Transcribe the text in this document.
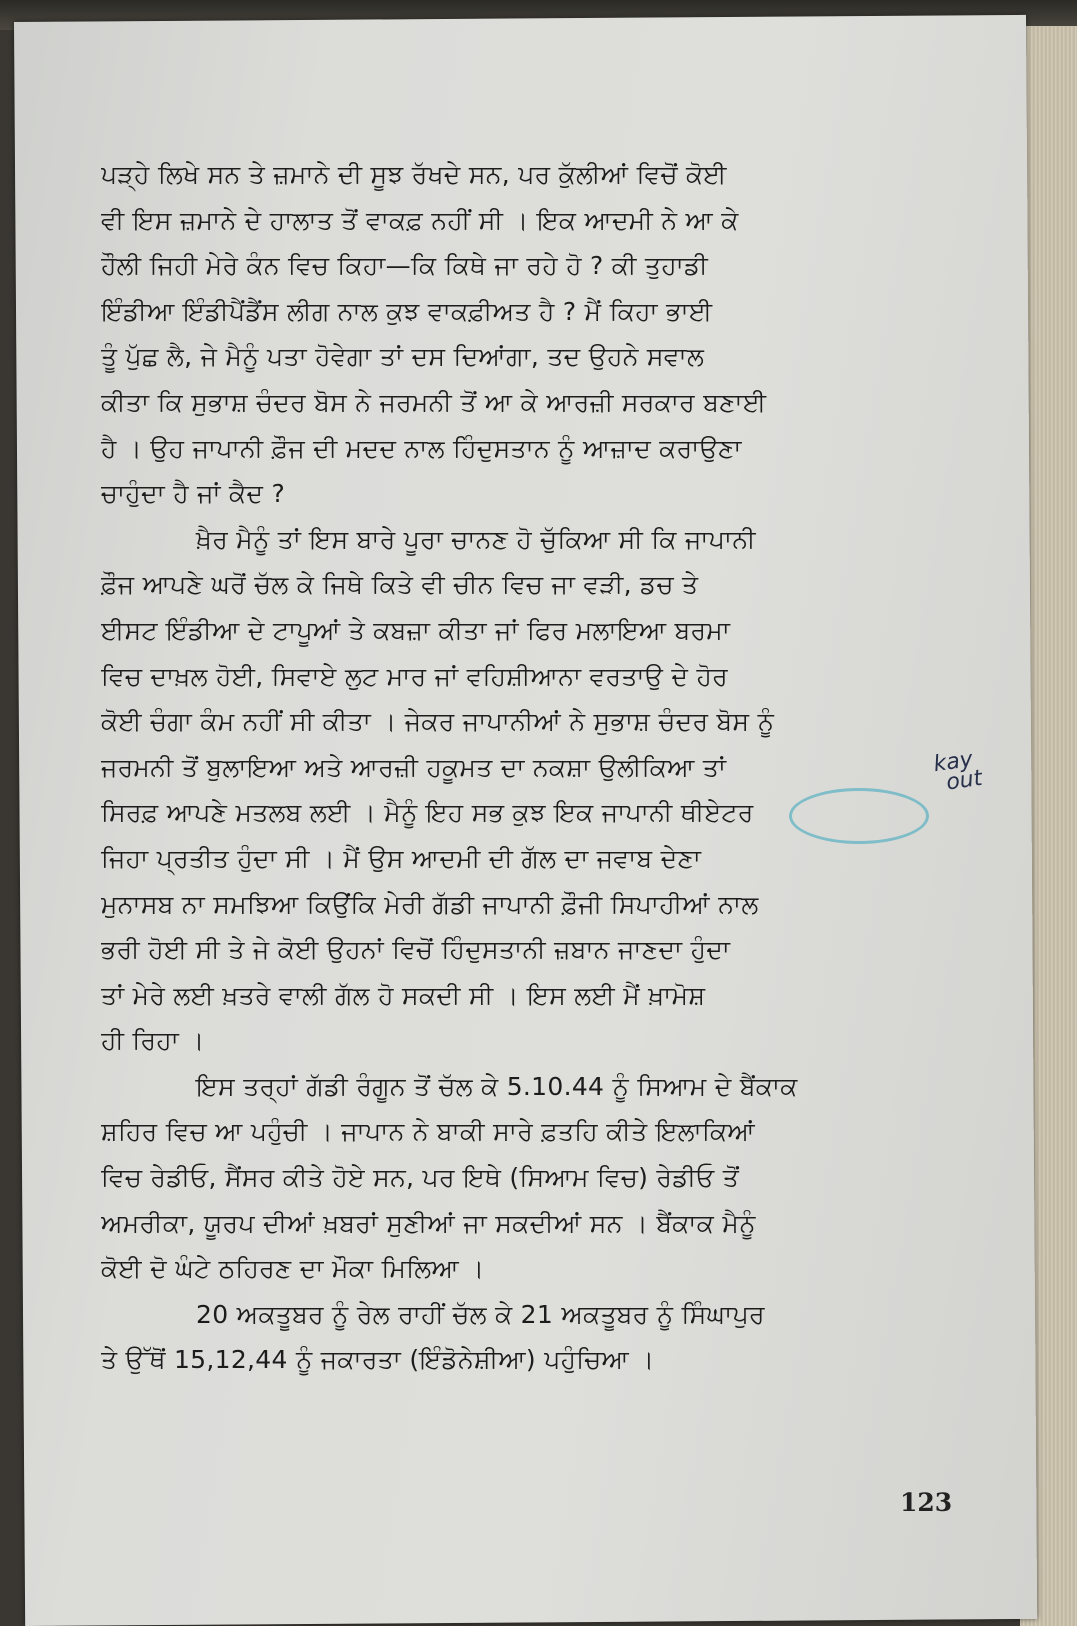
ਪੜ੍ਹੇ ਲਿਖੇ ਸਨ ਤੇ ਜ਼ਮਾਨੇ ਦੀ ਸੂਝ ਰੱਖਦੇ ਸਨ, ਪਰ ਕੁੱਲੀਆਂ ਵਿਚੋਂ ਕੋਈ
ਵੀ ਇਸ ਜ਼ਮਾਨੇ ਦੇ ਹਾਲਾਤ ਤੋਂ ਵਾਕਫ਼ ਨਹੀਂ ਸੀ । ਇਕ ਆਦਮੀ ਨੇ ਆ ਕੇ
ਹੌਲੀ ਜਿਹੀ ਮੇਰੇ ਕੰਨ ਵਿਚ ਕਿਹਾ—ਕਿ ਕਿਥੇ ਜਾ ਰਹੇ ਹੋ ? ਕੀ ਤੁਹਾਡੀ
ਇੰਡੀਆ ਇੰਡੀਪੈਂਡੈਂਸ ਲੀਗ ਨਾਲ ਕੁਝ ਵਾਕਫ਼ੀਅਤ ਹੈ ? ਮੈਂ ਕਿਹਾ ਭਾਈ
ਤੂੰ ਪੁੱਛ ਲੈ, ਜੇ ਮੈਨੂੰ ਪਤਾ ਹੋਵੇਗਾ ਤਾਂ ਦਸ ਦਿਆਂਗਾ, ਤਦ ਉਹਨੇ ਸਵਾਲ
ਕੀਤਾ ਕਿ ਸੁਭਾਸ਼ ਚੰਦਰ ਬੋਸ ਨੇ ਜਰਮਨੀ ਤੋਂ ਆ ਕੇ ਆਰਜ਼ੀ ਸਰਕਾਰ ਬਣਾਈ
ਹੈ । ਉਹ ਜਾਪਾਨੀ ਫ਼ੌਜ ਦੀ ਮਦਦ ਨਾਲ ਹਿੰਦੁਸਤਾਨ ਨੂੰ ਆਜ਼ਾਦ ਕਰਾਉਣਾ
ਚਾਹੁੰਦਾ ਹੈ ਜਾਂ ਕੈਦ ?
ਖ਼ੈਰ ਮੈਨੂੰ ਤਾਂ ਇਸ ਬਾਰੇ ਪੂਰਾ ਚਾਨਣ ਹੋ ਚੁੱਕਿਆ ਸੀ ਕਿ ਜਾਪਾਨੀ
ਫ਼ੌਜ ਆਪਣੇ ਘਰੋਂ ਚੱਲ ਕੇ ਜਿਥੇ ਕਿਤੇ ਵੀ ਚੀਨ ਵਿਚ ਜਾ ਵੜੀ, ਡਚ ਤੇ
ਈਸਟ ਇੰਡੀਆ ਦੇ ਟਾਪੂਆਂ ਤੇ ਕਬਜ਼ਾ ਕੀਤਾ ਜਾਂ ਫਿਰ ਮਲਾਇਆ ਬਰਮਾ
ਵਿਚ ਦਾਖ਼ਲ ਹੋਈ, ਸਿਵਾਏ ਲੁਟ ਮਾਰ ਜਾਂ ਵਹਿਸ਼ੀਆਨਾ ਵਰਤਾਉ ਦੇ ਹੋਰ
ਕੋਈ ਚੰਗਾ ਕੰਮ ਨਹੀਂ ਸੀ ਕੀਤਾ । ਜੇਕਰ ਜਾਪਾਨੀਆਂ ਨੇ ਸੁਭਾਸ਼ ਚੰਦਰ ਬੋਸ ਨੂੰ
ਜਰਮਨੀ ਤੋਂ ਬੁਲਾਇਆ ਅਤੇ ਆਰਜ਼ੀ ਹਕੂਮਤ ਦਾ ਨਕਸ਼ਾ ਉਲੀਕਿਆ ਤਾਂ
ਸਿਰਫ਼ ਆਪਣੇ ਮਤਲਬ ਲਈ । ਮੈਨੂੰ ਇਹ ਸਭ ਕੁਝ ਇਕ ਜਾਪਾਨੀ ਥੀਏਟਰ
ਜਿਹਾ ਪ੍ਰਤੀਤ ਹੁੰਦਾ ਸੀ । ਮੈਂ ਉਸ ਆਦਮੀ ਦੀ ਗੱਲ ਦਾ ਜਵਾਬ ਦੇਣਾ
ਮੁਨਾਸਬ ਨਾ ਸਮਝਿਆ ਕਿਉਂਕਿ ਮੇਰੀ ਗੱਡੀ ਜਾਪਾਨੀ ਫ਼ੌਜੀ ਸਿਪਾਹੀਆਂ ਨਾਲ
ਭਰੀ ਹੋਈ ਸੀ ਤੇ ਜੇ ਕੋਈ ਉਹਨਾਂ ਵਿਚੋਂ ਹਿੰਦੁਸਤਾਨੀ ਜ਼ਬਾਨ ਜਾਣਦਾ ਹੁੰਦਾ
ਤਾਂ ਮੇਰੇ ਲਈ ਖ਼ਤਰੇ ਵਾਲੀ ਗੱਲ ਹੋ ਸਕਦੀ ਸੀ । ਇਸ ਲਈ ਮੈਂ ਖ਼ਾਮੋਸ਼
ਹੀ ਰਿਹਾ ।
ਇਸ ਤਰ੍ਹਾਂ ਗੱਡੀ ਰੰਗੂਨ ਤੋਂ ਚੱਲ ਕੇ 5.10.44 ਨੂੰ ਸਿਆਮ ਦੇ ਬੈਂਕਾਕ
ਸ਼ਹਿਰ ਵਿਚ ਆ ਪਹੁੰਚੀ । ਜਾਪਾਨ ਨੇ ਬਾਕੀ ਸਾਰੇ ਫ਼ਤਹਿ ਕੀਤੇ ਇਲਾਕਿਆਂ
ਵਿਚ ਰੇਡੀਓ, ਸੈਂਸਰ ਕੀਤੇ ਹੋਏ ਸਨ, ਪਰ ਇਥੇ (ਸਿਆਮ ਵਿਚ) ਰੇਡੀਓ ਤੋਂ
ਅਮਰੀਕਾ, ਯੂਰਪ ਦੀਆਂ ਖ਼ਬਰਾਂ ਸੁਣੀਆਂ ਜਾ ਸਕਦੀਆਂ ਸਨ । ਬੈਂਕਾਕ ਮੈਨੂੰ
ਕੋਈ ਦੋ ਘੰਟੇ ਠਹਿਰਣ ਦਾ ਮੌਕਾ ਮਿਲਿਆ ।
20 ਅਕਤੂਬਰ ਨੂੰ ਰੇਲ ਰਾਹੀਂ ਚੱਲ ਕੇ 21 ਅਕਤੂਬਰ ਨੂੰ ਸਿੰਘਾਪੁਰ
ਤੇ ਉੱਥੋਂ 15,12,44 ਨੂੰ ਜਕਾਰਤਾ (ਇੰਡੋਨੇਸ਼ੀਆ) ਪਹੁੰਚਿਆ ।
kay
out
123
